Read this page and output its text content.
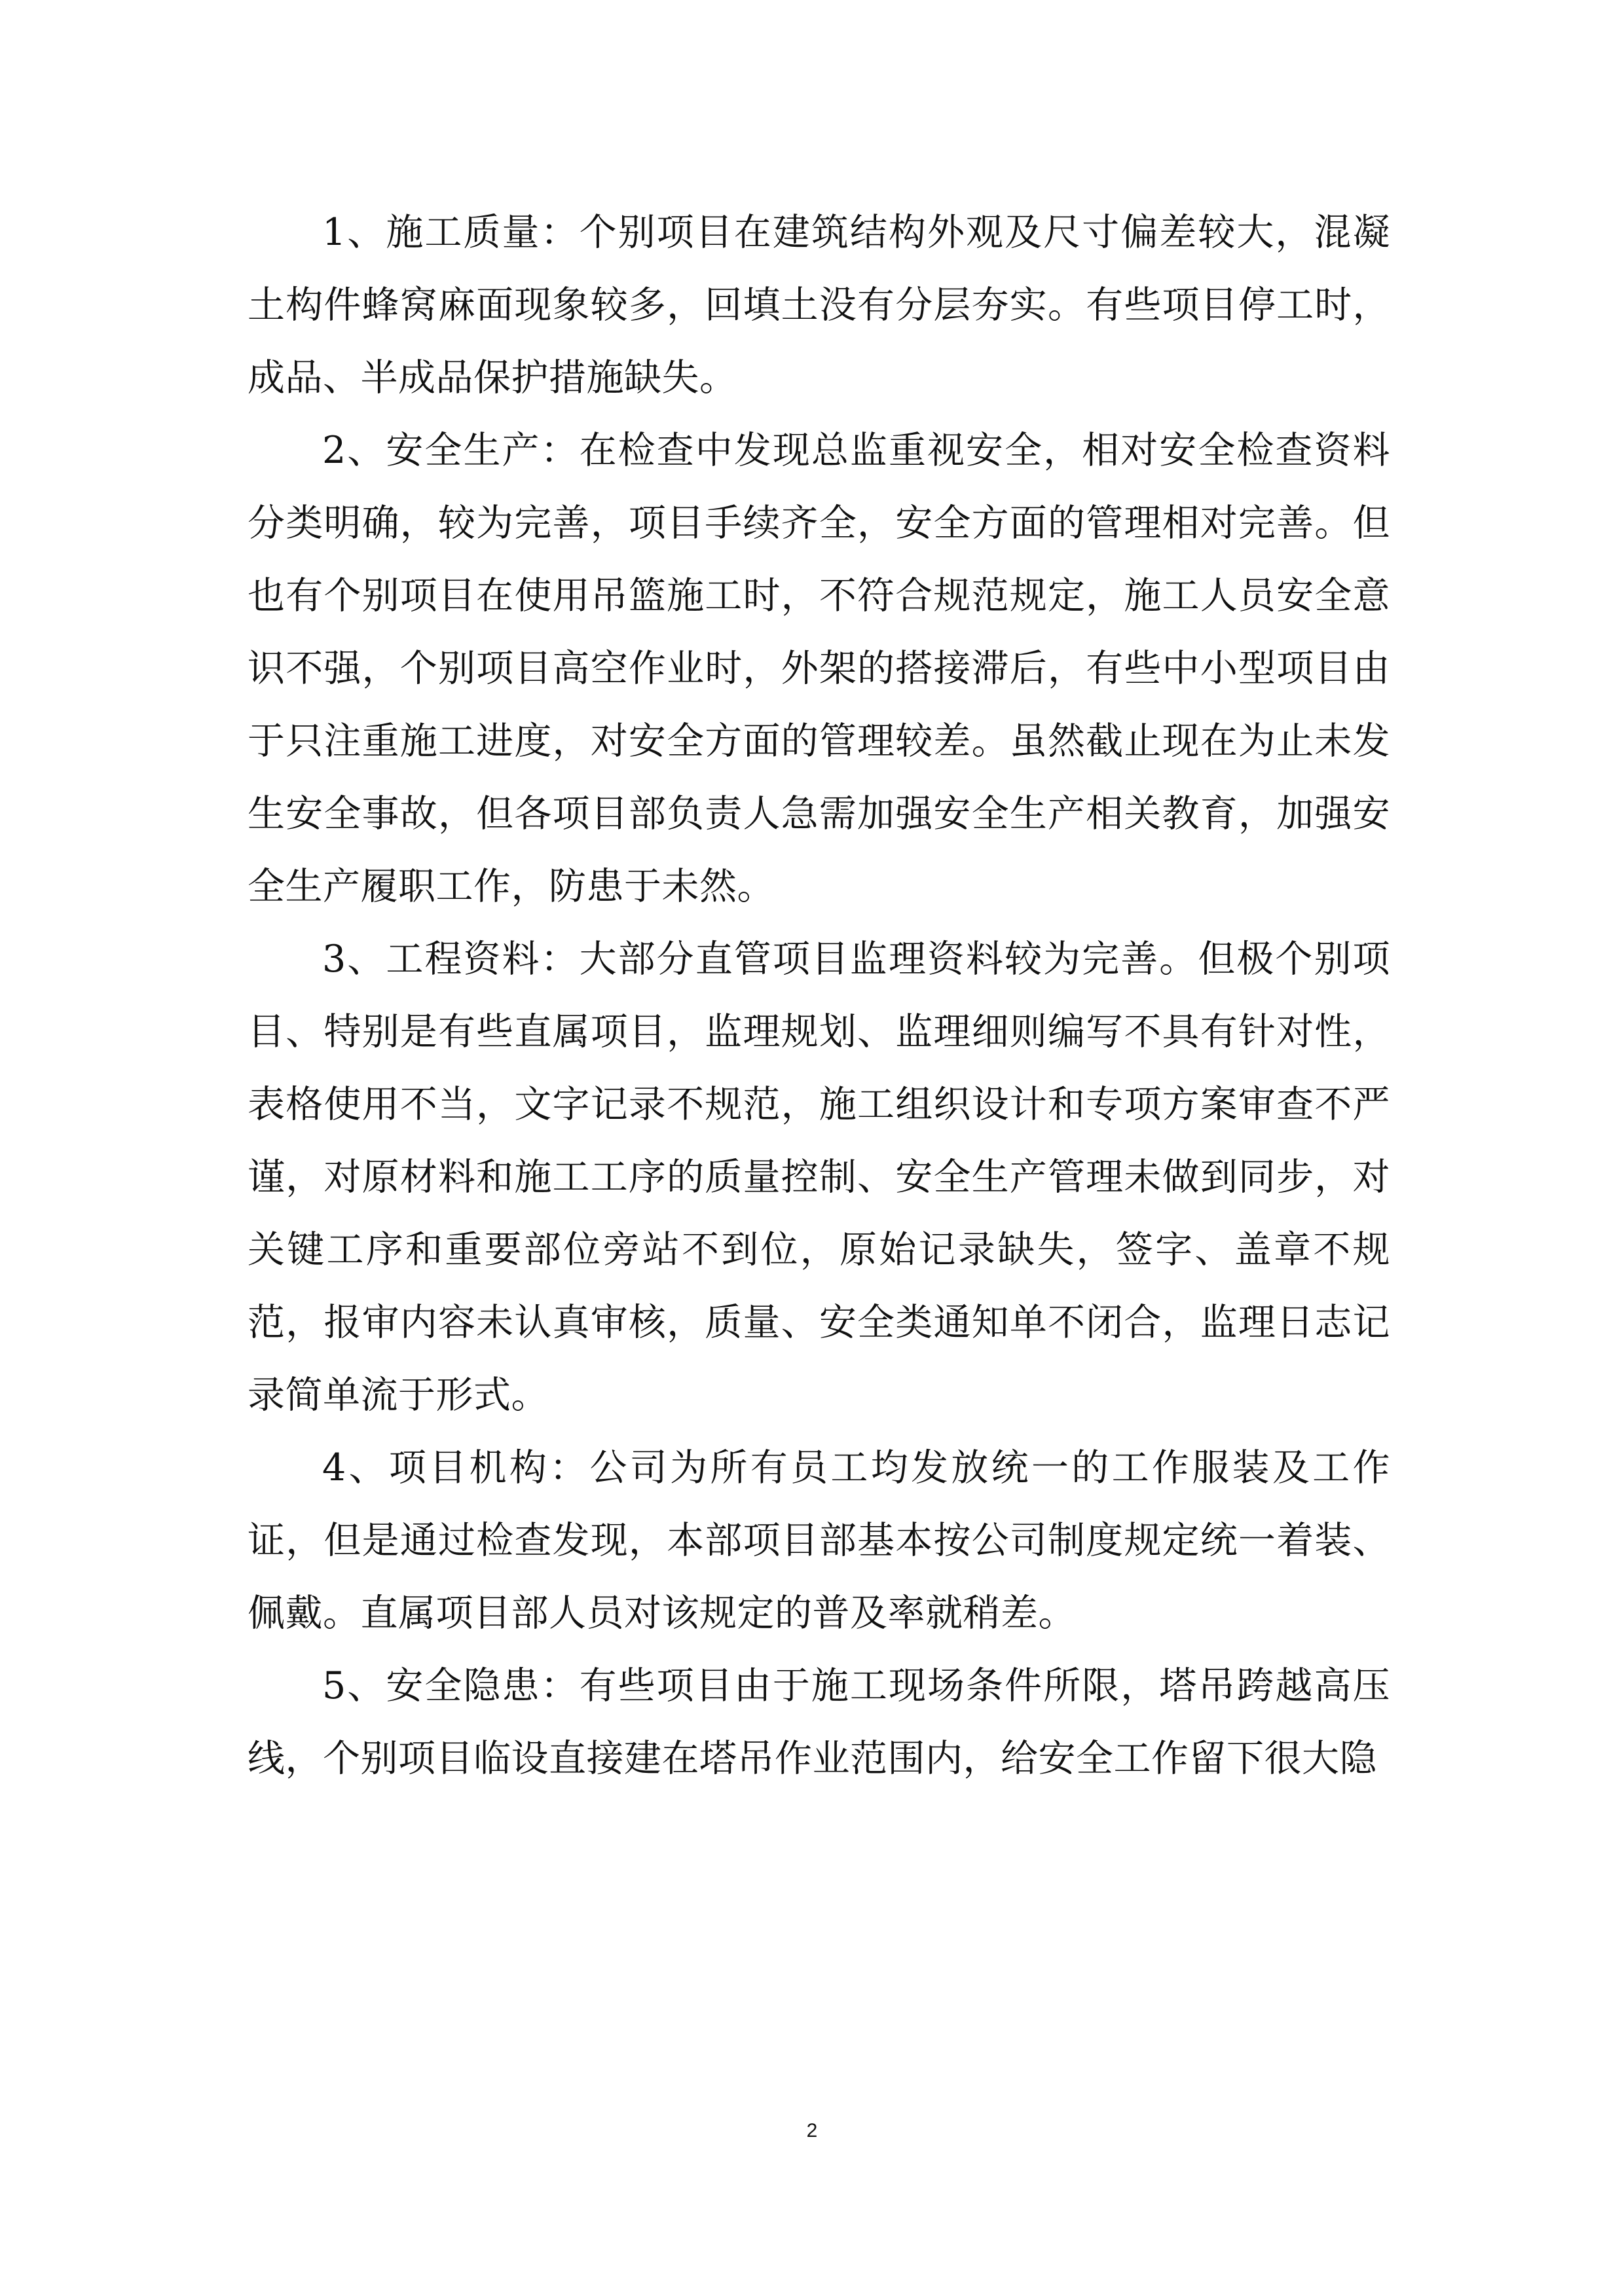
1、施工质量：个别项目在建筑结构外观及尺寸偏差较大，混凝土构件蜂窝麻面现象较多，回填土没有分层夯实。有些项目停工时，成品、半成品保护措施缺失。

2、安全生产：在检查中发现总监重视安全，相对安全检查资料分类明确，较为完善，项目手续齐全，安全方面的管理相对完善。但也有个别项目在使用吊篮施工时，不符合规范规定，施工人员安全意识不强，个别项目高空作业时，外架的搭接滞后，有些中小型项目由于只注重施工进度，对安全方面的管理较差。虽然截止现在为止未发生安全事故，但各项目部负责人急需加强安全生产相关教育，加强安全生产履职工作，防患于未然。

3、工程资料：大部分直管项目监理资料较为完善。但极个别项目、特别是有些直属项目，监理规划、监理细则编写不具有针对性，表格使用不当，文字记录不规范，施工组织设计和专项方案审查不严谨，对原材料和施工工序的质量控制、安全生产管理未做到同步，对关键工序和重要部位旁站不到位，原始记录缺失，签字、盖章不规范，报审内容未认真审核，质量、安全类通知单不闭合，监理日志记录简单流于形式。

4、项目机构：公司为所有员工均发放统一的工作服装及工作证，但是通过检查发现，本部项目部基本按公司制度规定统一着装、佩戴。直属项目部人员对该规定的普及率就稍差。

5、安全隐患：有些项目由于施工现场条件所限，塔吊跨越高压线，个别项目临设直接建在塔吊作业范围内，给安全工作留下很大隐

2
